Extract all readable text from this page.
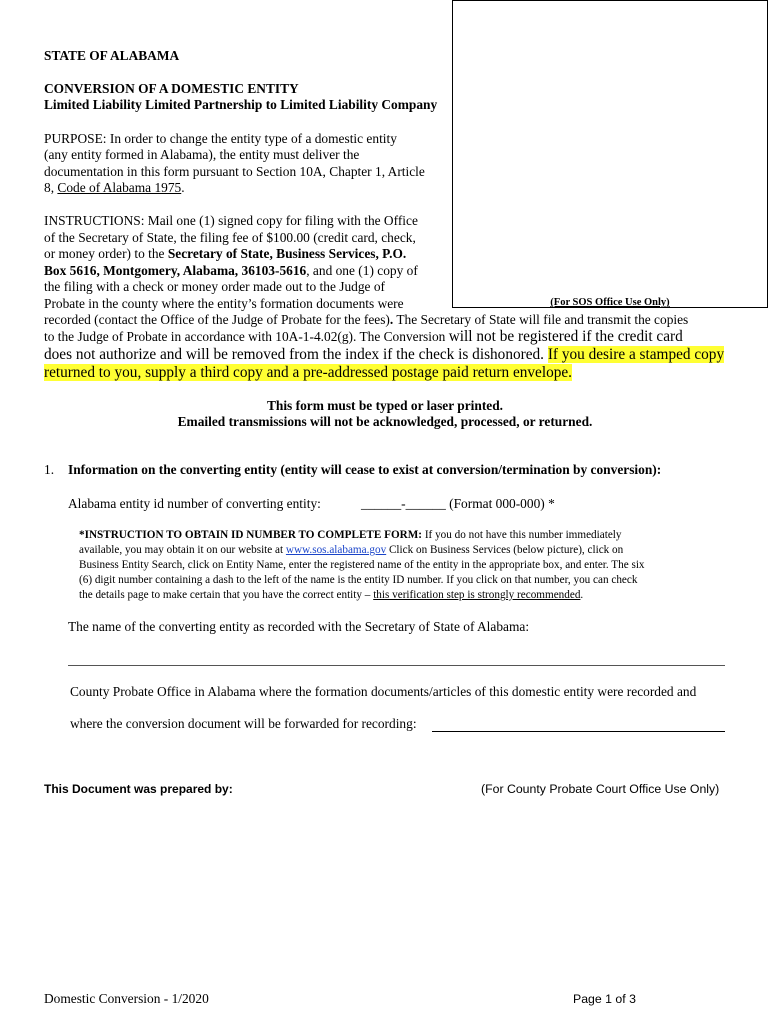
(For SOS Office Use Only)
STATE OF ALABAMA
CONVERSION OF A DOMESTIC ENTITY
Limited Liability Limited Partnership to Limited Liability Company
PURPOSE: In order to change the entity type of a domestic entity
(any entity formed in Alabama), the entity must deliver the
documentation in this form pursuant to Section 10A, Chapter 1, Article
8, Code of Alabama 1975.
INSTRUCTIONS: Mail one (1) signed copy for filing with the Office
of the Secretary of State, the filing fee of $100.00 (credit card, check,
or money order) to the Secretary of State, Business Services, P.O.
Box 5616, Montgomery, Alabama, 36103-5616, and one (1) copy of
the filing with a check or money order made out to the Judge of
Probate in the county where the entity’s formation documents were
recorded (contact the Office of the Judge of Probate for the fees). The Secretary of State will file and transmit the copies
to the Judge of Probate in accordance with 10A-1-4.02(g). The Conversion will not be registered if the credit card
does not authorize and will be removed from the index if the check is dishonored. If you desire a stamped copy
returned to you, supply a third copy and a pre-addressed postage paid return envelope.
This form must be typed or laser printed.
Emailed transmissions will not be acknowledged, processed, or returned.
1. Information on the converting entity (entity will cease to exist at conversion/termination by conversion):
Alabama entity id number of converting entity:	______-______ (Format 000-000) *
*INSTRUCTION TO OBTAIN ID NUMBER TO COMPLETE FORM: If you do not have this number immediately
available, you may obtain it on our website at www.sos.alabama.gov Click on Business Services (below picture), click on
Business Entity Search, click on Entity Name, enter the registered name of the entity in the appropriate box, and enter. The six
(6) digit number containing a dash to the left of the name is the entity ID number. If you click on that number, you can check
the details page to make certain that you have the correct entity – this verification step is strongly recommended.
The name of the converting entity as recorded with the Secretary of State of Alabama:
County Probate Office in Alabama where the formation documents/articles of this domestic entity were recorded and
where the conversion document will be forwarded for recording:
This Document was prepared by:	(For County Probate Court Office Use Only)
Domestic Conversion - 1/2020	Page 1 of 3
